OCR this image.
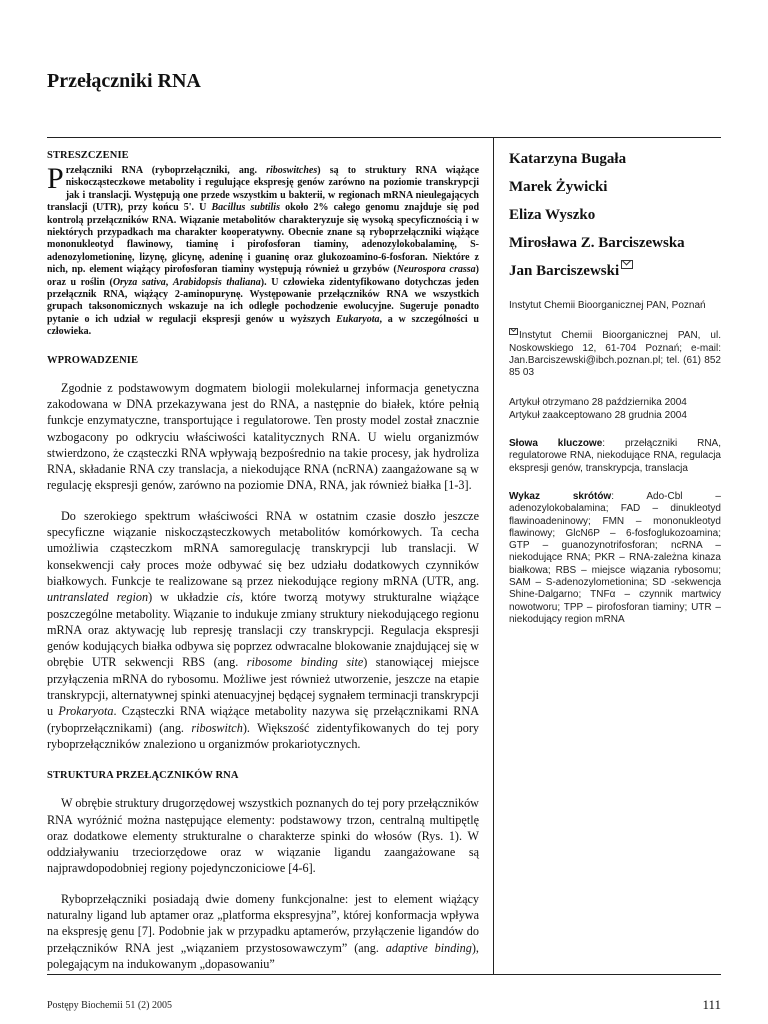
Przełączniki RNA
STRESZCZENIE

Przełączniki RNA (ryboprzełączniki, ang. riboswitches) są to struktury RNA wiążące niskocząsteczkowe metabolity i regulujące ekspresję genów zarówno na poziomie transkrypcji jak i translacji. Występują one przede wszystkim u bakterii, w regionach mRNA nieulegających translacji (UTR), przy końcu 5'. U Bacillus subtilis około 2% całego genomu znajduje się pod kontrolą przełączników RNA. Wiązanie metabolitów charakteryzuje się wysoką specyficznością i w niektórych przypadkach ma charakter kooperatywny. Obecnie znane są ryboprzełączniki wiążące mononukleotyd flawinowy, tiaminę i pirofosforan tiaminy, adenozylokobalaminę, S-adenozylometioninę, lizynę, glicynę, adeninę i guaninę oraz glukozoamino-6-fosforan. Niektóre z nich, np. element wiążący pirofosforan tiaminy występują również u grzybów (Neurospora crassa) oraz u roślin (Oryza sativa, Arabidopsis thaliana). U człowieka zidentyfikowano dotychczas jeden przełącznik RNA, wiążący 2-aminopurynę. Występowanie przełączników RNA we wszystkich grupach taksonomicznych wskazuje na ich odległe pochodzenie ewolucyjne. Sugeruje ponadto pytanie o ich udział w regulacji ekspresji genów u wyższych Eukaryota, a w szczególności u człowieka.

WPROWADZENIE

Zgodnie z podstawowym dogmatem biologii molekularnej informacja genetyczna zakodowana w DNA przekazywana jest do RNA, a następnie do białek, które pełnią funkcje enzymatyczne, transportujące i regulatorowe. Ten prosty model został znacznie wzbogacony po odkryciu właściwości katalitycznych RNA. U wielu organizmów stwierdzono, że cząsteczki RNA wpływają bezpośrednio na takie procesy, jak hydroliza RNA, składanie RNA czy translacja, a niekodujące RNA (ncRNA) zaangażowane są w regulację ekspresji genów, zarówno na poziomie DNA, RNA, jak również białka [1-3].

Do szerokiego spektrum właściwości RNA w ostatnim czasie doszło jeszcze specyficzne wiązanie niskocząsteczkowych metabolitów komórkowych. Ta cecha umożliwia cząsteczkom mRNA samoregulację transkrypcji lub translacji. W konsekwencji cały proces może odbywać się bez udziału dodatkowych czynników białkowych. Funkcje te realizowane są przez niekodujące regiony mRNA (UTR, ang. untranslated region) w układzie cis, które tworzą motywy strukturalne wiążące poszczególne metabolity. Wiązanie to indukuje zmiany struktury niekodującego regionu mRNA oraz aktywację lub represję translacji czy transkrypcji. Regulacja ekspresji genów kodujących białka odbywa się poprzez odwracalne blokowanie znajdującej się w obrębie UTR sekwencji RBS (ang. ribosome binding site) stanowiącej miejsce przyłączenia mRNA do rybosomu. Możliwe jest również utworzenie, jeszcze na etapie transkrypcji, alternatywnej spinki atenuacyjnej będącej sygnałem terminacji transkrypcji u Prokaryota. Cząsteczki RNA wiążące metabolity nazywa się przełącznikami RNA (ryboprzełącznikami) (ang. riboswitch). Większość zidentyfikowanych do tej pory ryboprzełączników znaleziono u organizmów prokariotycznych.

STRUKTURA PRZEŁĄCZNIKÓW RNA

W obrębie struktury drugorzędowej wszystkich poznanych do tej pory przełączników RNA wyróżnić można następujące elementy: podstawowy trzon, centralną multipętlę oraz dodatkowe elementy strukturalne o charakterze spinki do włosów (Rys. 1). W oddziaływaniu trzeciorzędowe oraz w wiązanie ligandu zaangażowane są najprawdopodobniej regiony pojedynczoniciowe [4-6].

Ryboprzełączniki posiadają dwie domeny funkcjonalne: jest to element wiążący naturalny ligand lub aptamer oraz „platforma ekspresyjna”, której konformacja wpływa na ekspresję genu [7]. Podobnie jak w przypadku aptamerów, przyłączenie ligandów do przełączników RNA jest „wiązaniem przystosowawczym” (ang. adaptive binding), polegającym na indukowanym „dopasowaniu”

Katarzyna Bugała
Marek Żywicki
Eliza Wyszko
Mirosława Z. Barciszewska
Jan Barciszewski

Instytut Chemii Bioorganicznej PAN, Poznań

Instytut Chemii Bioorganicznej PAN, ul. Noskowskiego 12, 61-704 Poznań; e-mail: Jan.Barciszewski@ibch.poznan.pl; tel. (61) 852 85 03

Artykuł otrzymano 28 października 2004
Artykuł zaakceptowano 28 grudnia 2004

Słowa kluczowe: przełączniki RNA, regulatorowe RNA, niekodujące RNA, regulacja ekspresji genów, transkrypcja, translacja

Wykaz skrótów: Ado-Cbl – adenozylokobalamina; FAD – dinukleotyd flawinoadeninowy; FMN – mononukleotyd flawinowy; GlcN6P – 6-fosfoglukozoamina; GTP – guanozynotrifosforan; ncRNA – niekodujące RNA; PKR – RNA-zależna kinaza białkowa; RBS – miejsce wiązania rybosomu; SAM – S-adenozylometionina; SD -sekwencja Shine-Dalgarno; TNFα – czynnik martwicy nowotworu; TPP – pirofosforan tiaminy; UTR – niekodujący region mRNA

Postępy Biochemii 51 (2) 2005	111
